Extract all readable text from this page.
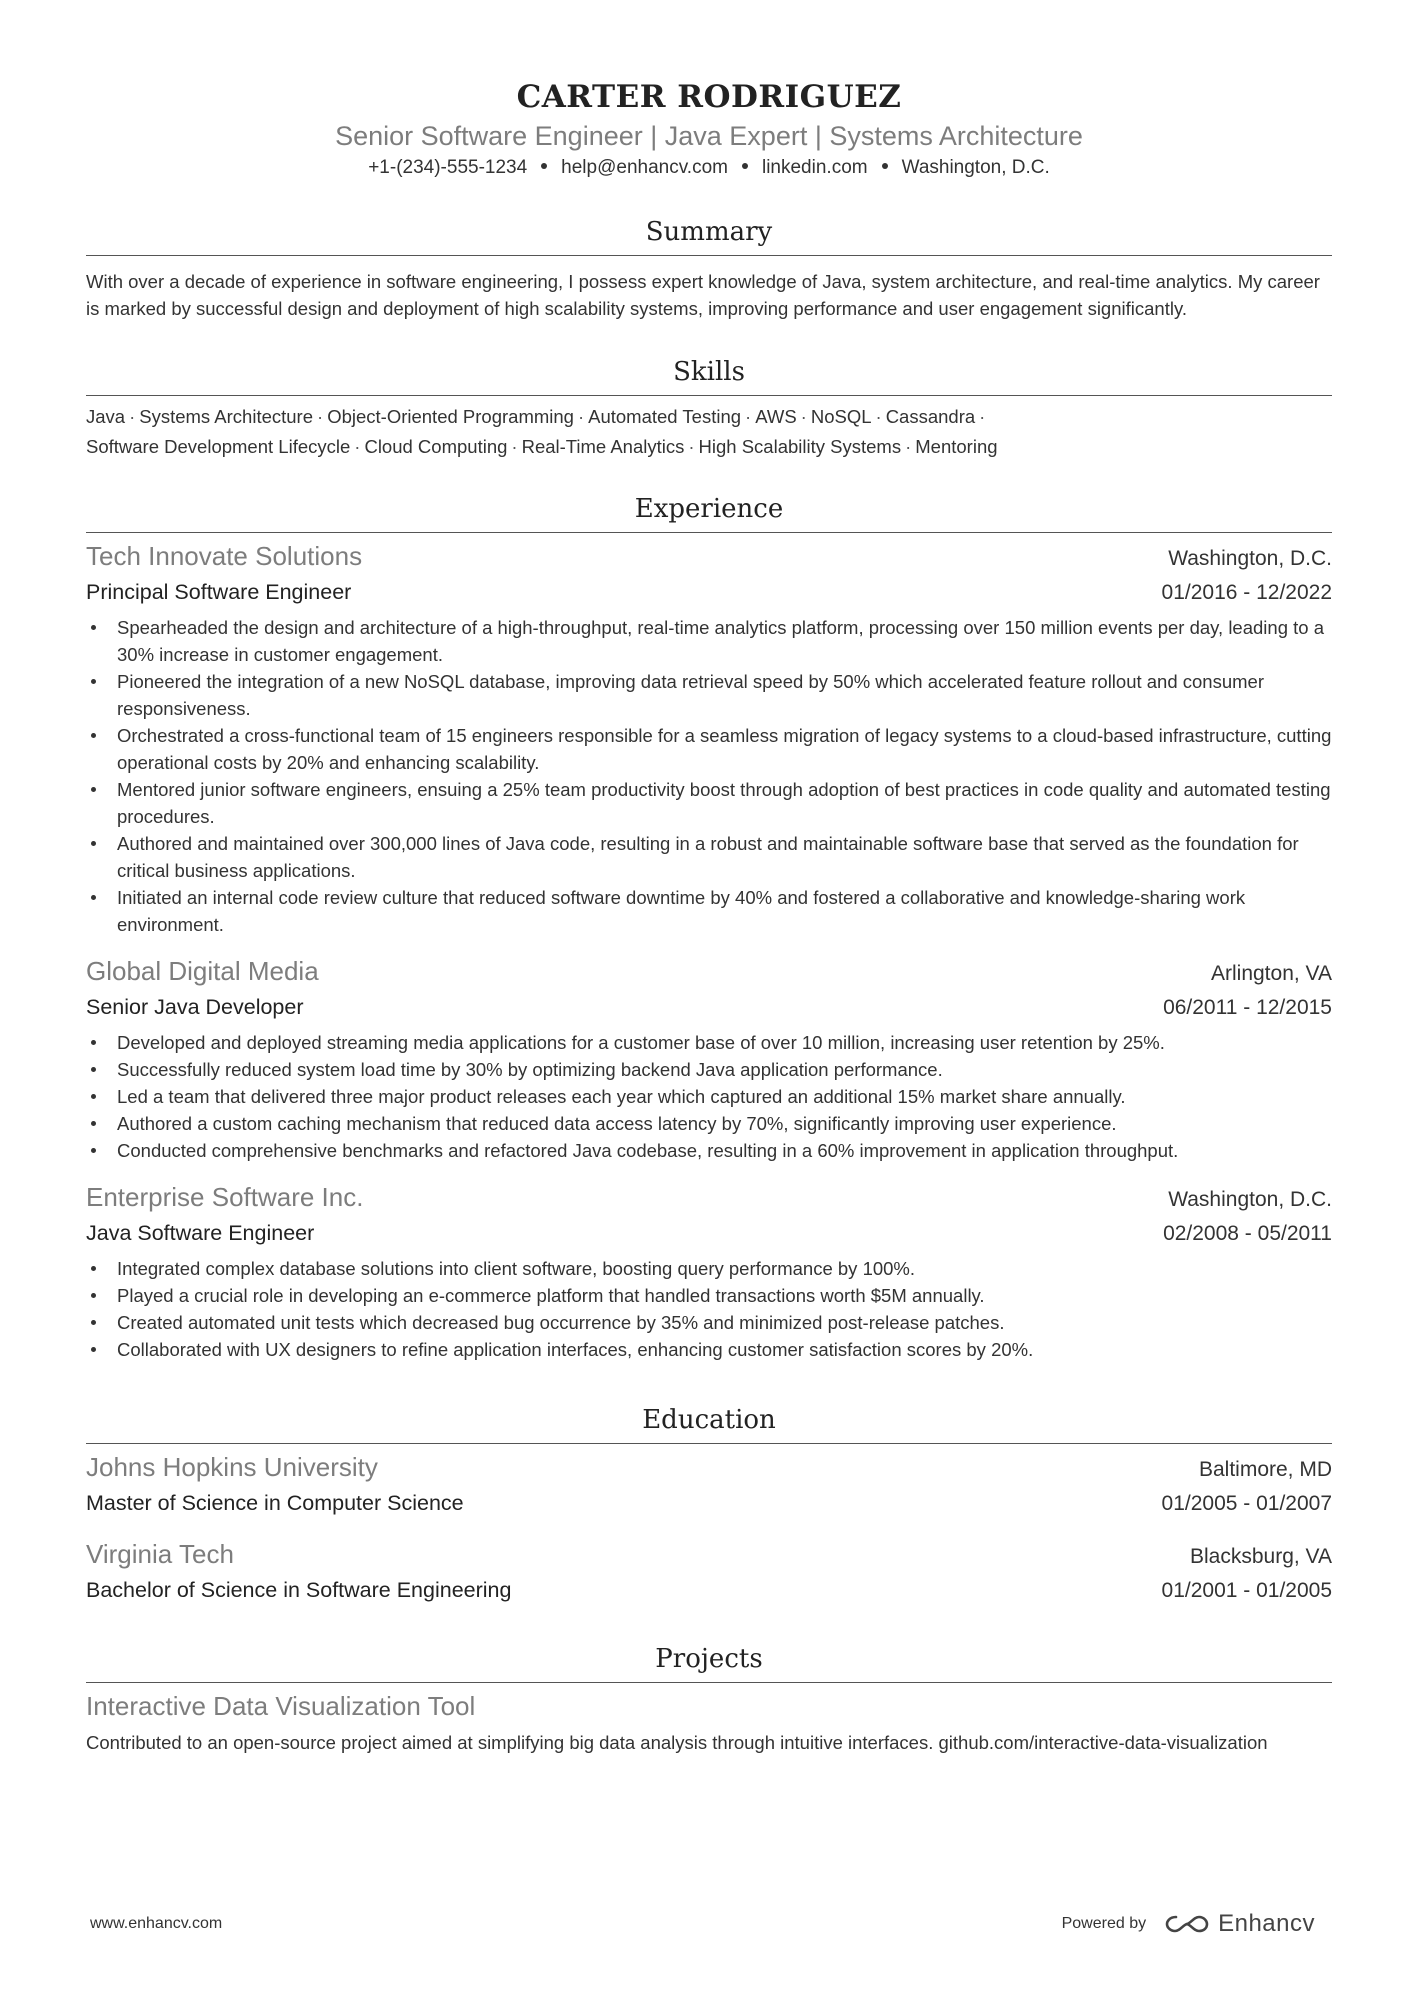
CARTER RODRIGUEZ
Senior Software Engineer | Java Expert | Systems Architecture
+1-(234)-555-1234 help@enhancv.com linkedin.com Washington, D.C.
Summary
With over a decade of experience in software engineering, I possess expert knowledge of Java, system architecture, and real-time analytics. My career is marked by successful design and deployment of high scalability systems, improving performance and user engagement significantly.
Skills
Java · Systems Architecture · Object-Oriented Programming · Automated Testing · AWS · NoSQL · Cassandra ·
Software Development Lifecycle · Cloud Computing · Real-Time Analytics · High Scalability Systems · Mentoring
Experience
Tech Innovate Solutions	Washington, D.C.
Principal Software Engineer	01/2016 - 12/2022
Spearheaded the design and architecture of a high-throughput, real-time analytics platform, processing over 150 million events per day, leading to a 30% increase in customer engagement.
Pioneered the integration of a new NoSQL database, improving data retrieval speed by 50% which accelerated feature rollout and consumer responsiveness.
Orchestrated a cross-functional team of 15 engineers responsible for a seamless migration of legacy systems to a cloud-based infrastructure, cutting operational costs by 20% and enhancing scalability.
Mentored junior software engineers, ensuing a 25% team productivity boost through adoption of best practices in code quality and automated testing procedures.
Authored and maintained over 300,000 lines of Java code, resulting in a robust and maintainable software base that served as the foundation for critical business applications.
Initiated an internal code review culture that reduced software downtime by 40% and fostered a collaborative and knowledge-sharing work environment.
Global Digital Media	Arlington, VA
Senior Java Developer	06/2011 - 12/2015
Developed and deployed streaming media applications for a customer base of over 10 million, increasing user retention by 25%.
Successfully reduced system load time by 30% by optimizing backend Java application performance.
Led a team that delivered three major product releases each year which captured an additional 15% market share annually.
Authored a custom caching mechanism that reduced data access latency by 70%, significantly improving user experience.
Conducted comprehensive benchmarks and refactored Java codebase, resulting in a 60% improvement in application throughput.
Enterprise Software Inc.	Washington, D.C.
Java Software Engineer	02/2008 - 05/2011
Integrated complex database solutions into client software, boosting query performance by 100%.
Played a crucial role in developing an e-commerce platform that handled transactions worth $5M annually.
Created automated unit tests which decreased bug occurrence by 35% and minimized post-release patches.
Collaborated with UX designers to refine application interfaces, enhancing customer satisfaction scores by 20%.
Education
Johns Hopkins University	Baltimore, MD
Master of Science in Computer Science	01/2005 - 01/2007
Virginia Tech	Blacksburg, VA
Bachelor of Science in Software Engineering	01/2001 - 01/2005
Projects
Interactive Data Visualization Tool
Contributed to an open-source project aimed at simplifying big data analysis through intuitive interfaces. github.com/interactive-data-visualization
www.enhancv.com	Powered by	Enhancv
